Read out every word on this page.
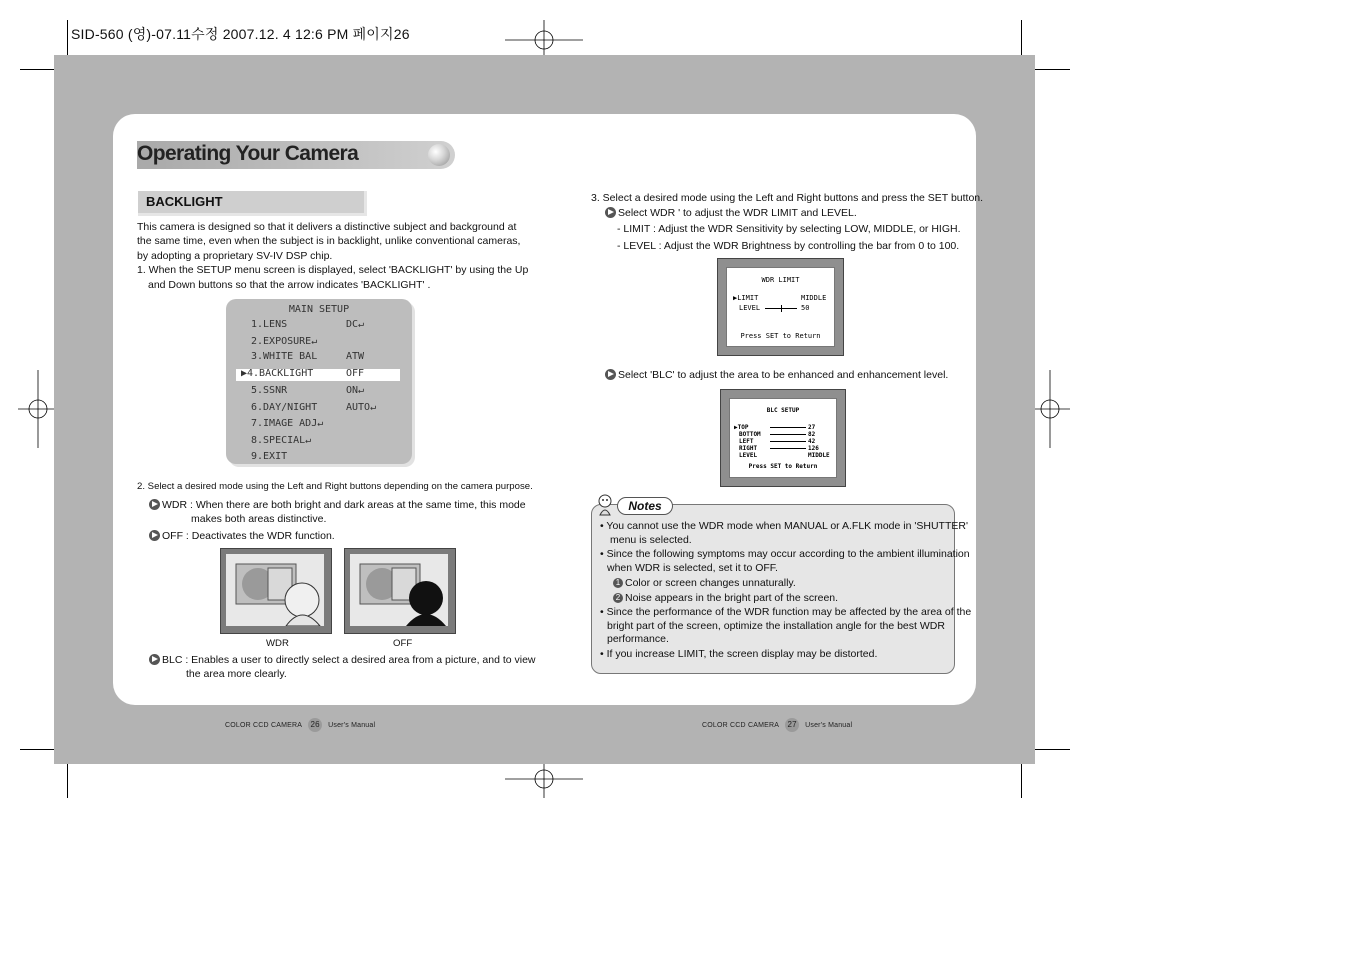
SID-560 (영)-07.11수정 2007.12. 4 12:6 PM 페이지26
Operating Your Camera
BACKLIGHT
This camera is designed so that it delivers a distinctive subject and background at
the same time, even when the subject is in backlight, unlike conventional cameras,
by adopting a proprietary SV-IV DSP chip.
1. When the SETUP menu screen is displayed, select 'BACKLIGHT' by using the Up
and Down buttons so that the arrow indicates 'BACKLIGHT' .
MAIN SETUP
1.LENS	DC↵
2.EXPOSURE↵
3.WHITE BAL	ATW
▶4.BACKLIGHT	OFF
5.SSNR	ON↵
6.DAY/NIGHT	AUTO↵
7.IMAGE ADJ↵
8.SPECIAL↵
9.EXIT
2. Select a desired mode using the Left and Right buttons depending on the camera purpose.
WDR : When there are both bright and dark areas at the same time, this mode
makes both areas distinctive.
OFF : Deactivates the WDR function.
WDR	OFF
BLC : Enables a user to directly select a desired area from a picture, and to view
the area more clearly.
3. Select a desired mode using the Left and Right buttons and press the SET button.
Select WDR ' to adjust the WDR LIMIT and LEVEL.
- LIMIT : Adjust the WDR Sensitivity by selecting LOW, MIDDLE, or HIGH.
- LEVEL : Adjust the WDR Brightness by controlling the bar from 0 to 100.
WDR LIMIT
▶LIMIT	MIDDLE
LEVEL	50
Press SET to Return
Select 'BLC' to adjust the area to be enhanced and enhancement level.
BLC SETUP
▶TOP	27
BOTTOM	82
LEFT	42
RIGHT	126
LEVEL	MIDDLE
Press SET to Return
Notes
• You cannot use the WDR mode when MANUAL or A.FLK mode in 'SHUTTER'
menu is selected.
• Since the following symptoms may occur according to the ambient illumination
when WDR is selected, set it to OFF.
1 Color or screen changes unnaturally.
2 Noise appears in the bright part of the screen.
• Since the performance of the WDR function may be affected by the area of the
bright part of the screen, optimize the installation angle for the best WDR
performance.
• If you increase LIMIT, the screen display may be distorted.
COLOR CCD CAMERA 26 User's Manual	COLOR CCD CAMERA 27 User's Manual
